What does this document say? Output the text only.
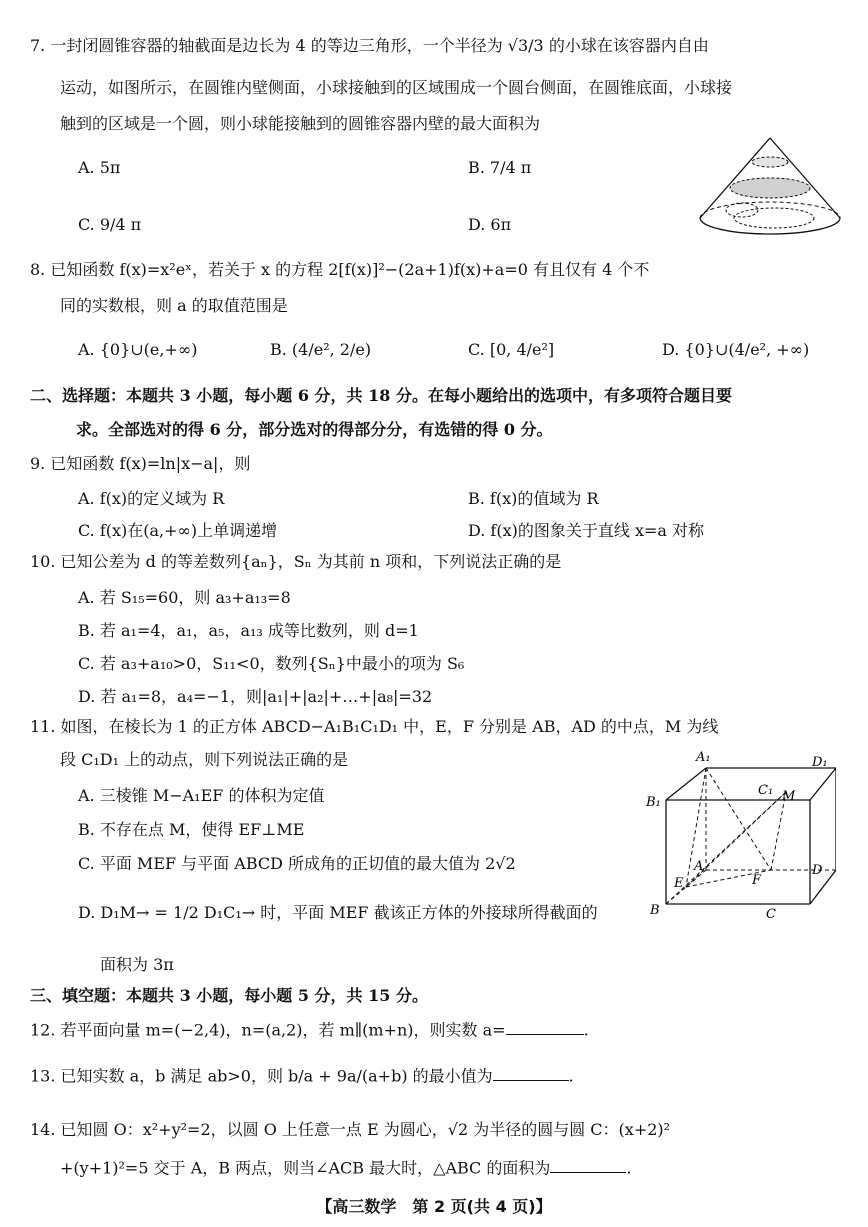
7. 一封闭圆锥容器的轴截面是边长为 4 的等边三角形，一个半径为 √3/3 的小球在该容器内自由
运动，如图所示，在圆锥内壁侧面，小球接触到的区域围成一个圆台侧面，在圆锥底面，小球接
触到的区域是一个圆，则小球能接触到的圆锥容器内壁的最大面积为
A. 5π	B. 7/4 π
C. 9/4 π	D. 6π
8. 已知函数 f(x)=x²eˣ，若关于 x 的方程 2[f(x)]²−(2a+1)f(x)+a=0 有且仅有 4 个不
同的实数根，则 a 的取值范围是
A. {0}∪(e,+∞)	B. (4/e², 2/e)	C. [0, 4/e²]	D. {0}∪(4/e², +∞)
二、选择题：本题共 3 小题，每小题 6 分，共 18 分。在每小题给出的选项中，有多项符合题目要
求。全部选对的得 6 分，部分选对的得部分分，有选错的得 0 分。
9. 已知函数 f(x)=ln|x−a|，则
A. f(x)的定义域为 R	B. f(x)的值域为 R
C. f(x)在(a,+∞)上单调递增	D. f(x)的图象关于直线 x=a 对称
10. 已知公差为 d 的等差数列{aₙ}，Sₙ 为其前 n 项和，下列说法正确的是
A. 若 S₁₅=60，则 a₃+a₁₃=8
B. 若 a₁=4，a₁，a₅，a₁₃ 成等比数列，则 d=1
C. 若 a₃+a₁₀>0，S₁₁<0，数列{Sₙ}中最小的项为 S₆
D. 若 a₁=8，a₄=−1，则|a₁|+|a₂|+…+|a₈|=32
11. 如图，在棱长为 1 的正方体 ABCD−A₁B₁C₁D₁ 中，E，F 分别是 AB，AD 的中点，M 为线
段 C₁D₁ 上的动点，则下列说法正确的是
A. 三棱锥 M−A₁EF 的体积为定值
B. 不存在点 M，使得 EF⊥ME
C. 平面 MEF 与平面 ABCD 所成角的正切值的最大值为 2√2
D. D₁M→ = 1/2 D₁C₁→ 时，平面 MEF 截该正方体的外接球所得截面的
面积为 3π
A₁	D₁
B₁
C₁ M
A	D
E	F
B	C
三、填空题：本题共 3 小题，每小题 5 分，共 15 分。
12. 若平面向量 m=(−2,4)，n=(a,2)，若 m∥(m+n)，则实数 a=	.
13. 已知实数 a，b 满足 ab>0，则 b/a + 9a/(a+b) 的最小值为	.
14. 已知圆 O：x²+y²=2，以圆 O 上任意一点 E 为圆心，√2 为半径的圆与圆 C：(x+2)²
+(y+1)²=5 交于 A，B 两点，则当∠ACB 最大时，△ABC 的面积为	.
【高三数学　第 2 页(共 4 页)】
